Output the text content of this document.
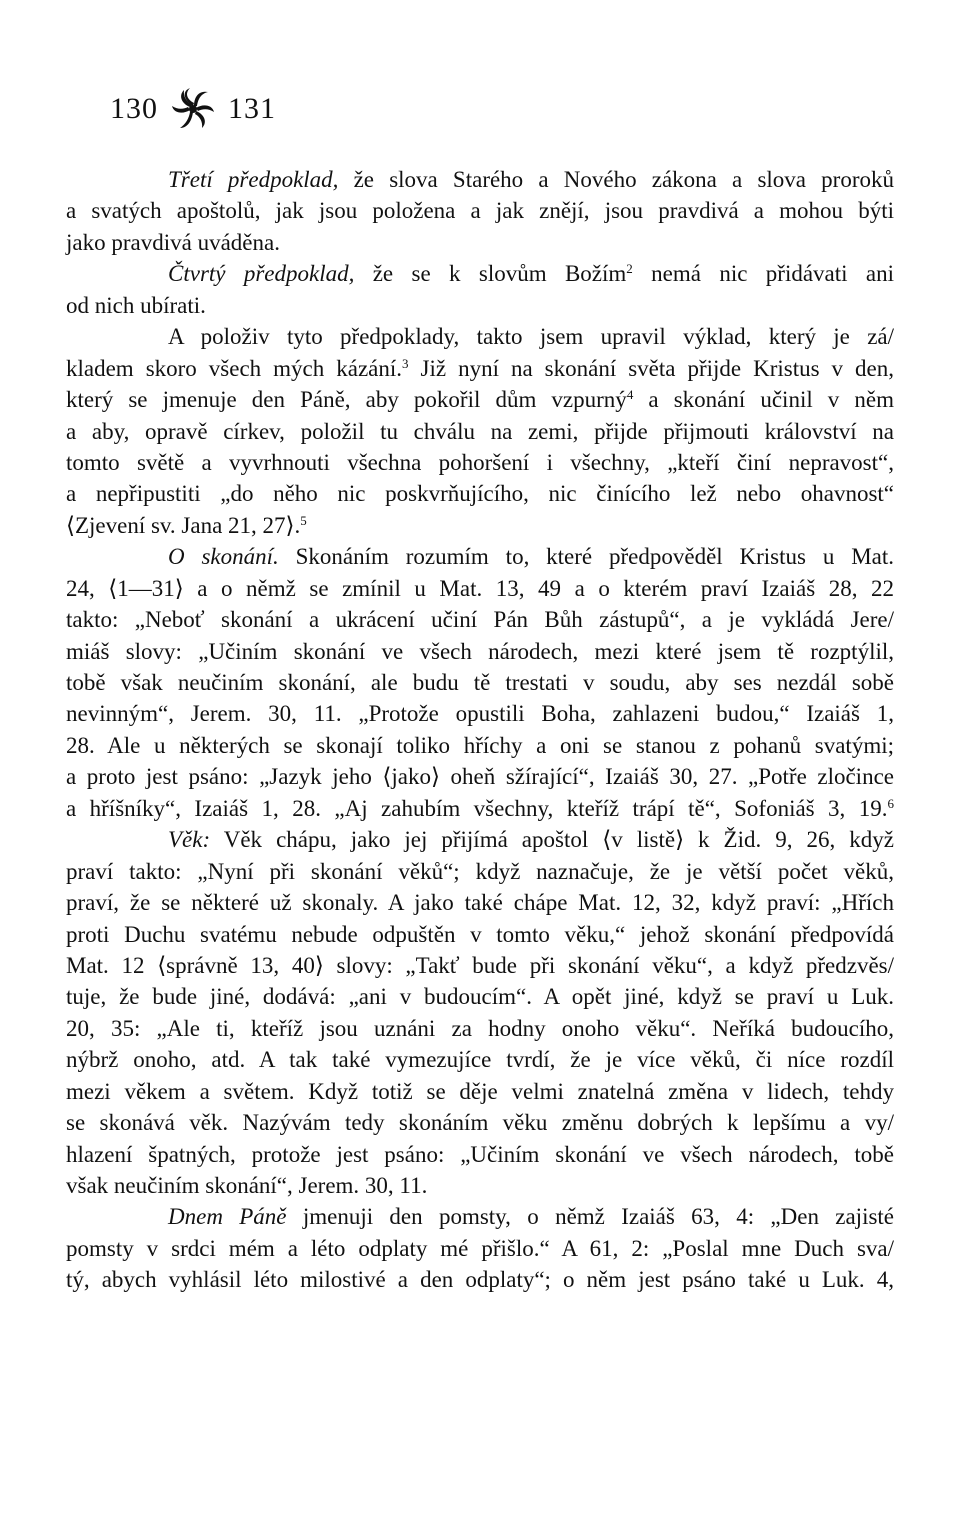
130 131
Třetí předpoklad, že slova Starého a Nového zákona a slova proroků
a svatých apoštolů, jak jsou položena a jak znějí, jsou pravdivá a mohou býti
jako pravdivá uváděna.
Čtvrtý předpoklad, že se k slovům Božím$^2$ nemá nic přidávati ani
od nich ubírati.
A položiv tyto předpoklady, takto jsem upravil výklad, který je zá/
kladem skoro všech mých kázání.$^3$ Již nyní na skonání světa přijde Kristus v den,
který se jmenuje den Páně, aby pokořil dům vzpurný$^4$ a skonání učinil v něm
a aby, opravě církev, položil tu chválu na zemi, přijde přijmouti království na
tomto světě a vyvrhnouti všechna pohoršení i všechny, „kteří činí nepravost“,
a nepřipustiti „do něho nic poskvrňujícího, nic činícího lež nebo ohavnost“
⟨Zjevení sv. Jana 21, 27⟩.$^5$
O skonání. Skonáním rozumím to, které předpověděl Kristus u Mat.
24, ⟨1—31⟩ a o němž se zmínil u Mat. 13, 49 a o kterém praví Izaiáš 28, 22
takto: „Neboť skonání a ukrácení učiní Pán Bůh zástupů“, a je vykládá Jere/
miáš slovy: „Učiním skonání ve všech národech, mezi které jsem tě rozptýlil,
tobě však neučiním skonání, ale budu tě trestati v soudu, aby ses nezdál sobě
nevinným“, Jerem. 30, 11. „Protože opustili Boha, zahlazeni budou,“ Izaiáš 1,
28. Ale u některých se skonají toliko hříchy a oni se stanou z pohanů svatými;
a proto jest psáno: „Jazyk jeho ⟨jako⟩ oheň sžírající“, Izaiáš 30, 27. „Potře zločince
a hříšníky“, Izaiáš 1, 28. „Aj zahubím všechny, kteříž trápí tě“, Sofoniáš 3, 19.$^6$
Věk: Věk chápu, jako jej přijímá apoštol ⟨v listě⟩ k Žid. 9, 26, když
praví takto: „Nyní při skonání věků“; když naznačuje, že je větší počet věků,
praví, že se některé už skonaly. A jako také chápe Mat. 12, 32, když praví: „Hřích
proti Duchu svatému nebude odpuštěn v tomto věku,“ jehož skonání předpovídá
Mat. 12 ⟨správně 13, 40⟩ slovy: „Takť bude při skonání věku“, a když předzvěs/
tuje, že bude jiné, dodává: „ani v budoucím“. A opět jiné, když se praví u Luk.
20, 35: „Ale ti, kteříž jsou uznáni za hodny onoho věku“. Neříká budoucího,
nýbrž onoho, atd. A tak také vymezujíce tvrdí, že je více věků, či níce rozdíl
mezi věkem a světem. Když totiž se děje velmi znatelná změna v lidech, tehdy
se skonává věk. Nazývám tedy skonáním věku změnu dobrých k lepšímu a vy/
hlazení špatných, protože jest psáno: „Učiním skonání ve všech národech, tobě
však neučiním skonání“, Jerem. 30, 11.
Dnem Páně jmenuji den pomsty, o němž Izaiáš 63, 4: „Den zajisté
pomsty v srdci mém a léto odplaty mé přišlo.“ A 61, 2: „Poslal mne Duch sva/
tý, abych vyhlásil léto milostivé a den odplaty“; o něm jest psáno také u Luk. 4,
